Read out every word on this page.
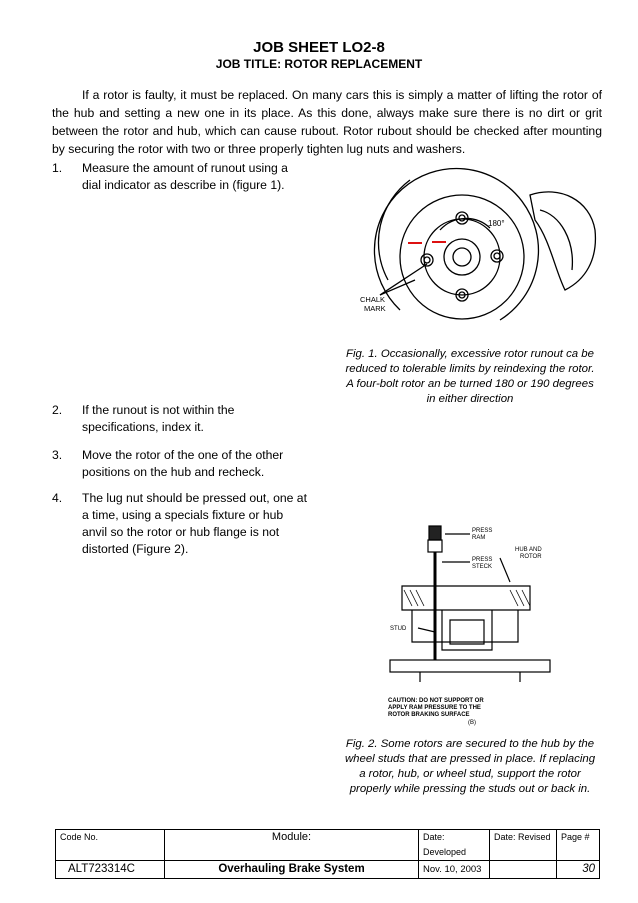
JOB SHEET LO2-8
JOB TITLE: ROTOR REPLACEMENT
If a rotor is faulty, it must be replaced. On many cars this is simply a matter of lifting the rotor of the hub and setting a new one in its place. As this done, always make sure there is no dirt or grit between the rotor and hub, which can cause rubout. Rotor rubout should be checked after mounting by securing the rotor with two or three properly tighten lug nuts and washers.
1. Measure the amount of runout using a
dial indicator as describe in (figure 1).
2. If the runout is not within the
specifications, index it.
3. Move the rotor of the one of the other
positions on the hub and recheck.
4. The lug nut should be pressed out, one at
a time, using a specials fixture or hub
anvil so the rotor or hub flange is not
distorted (Figure 2).
180°
CHALK
MARK
Fig. 1. Occasionally, excessive rotor runout ca be
reduced to tolerable limits by reindexing the rotor.
A four-bolt rotor an be turned 180 or 190 degrees
in either direction
PRESS
RAM
HUB AND
ROTOR
PRESS
STECK
STUD
CAUTION: DO NOT SUPPORT OR
APPLY RAM PRESSURE TO THE
ROTOR BRAKING SURFACE
(B)
Fig. 2. Some rotors are secured to the hub by the
wheel studs that are pressed in place. If replacing
a rotor, hub, or wheel stud, support the rotor
properly while pressing the studs out or back in.
Code No.	Module:	Date: Developed	Date: Revised	Page #
ALT723314C	Overhauling Brake System	Nov. 10, 2003		30
